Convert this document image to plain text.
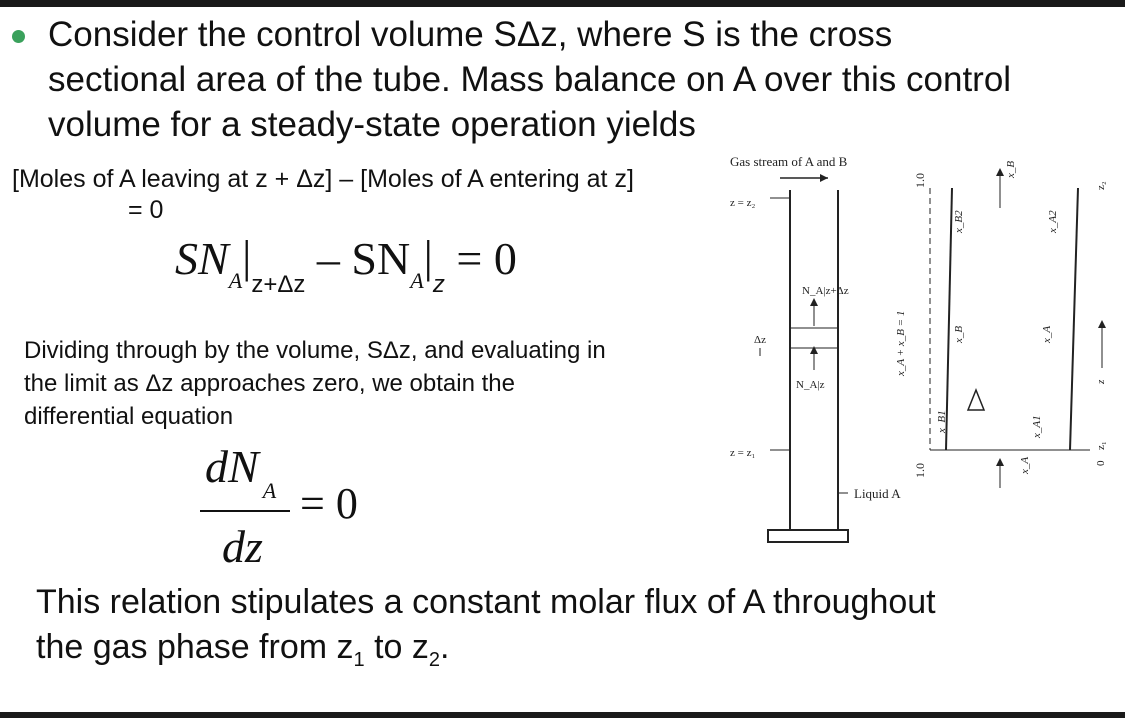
Consider the control volume SΔz, where S is the cross
sectional area of the tube. Mass balance on A over this control
volume for a steady-state operation yields

[Moles of A leaving at z + Δz] – [Moles of A entering at z]
= 0
$SN_A|_{z+\Delta z} - SN_A|_z = 0$
Dividing through by the volume, SΔz, and evaluating in
the limit as Δz approaches zero, we obtain the
differential equation
dN $_A$
dz
= 0
This relation stipulates a constant molar flux of A throughout
the gas phase from $z_1$ to $z_2$.
Gas stream of A and B
z = z₂
z = z₁
N_A|z+Δz
Δz
N_A|z
Liquid A
1.0
1.0
x_A + x_B = 1
x_B2
x_B
x_B1
x_A2
x_A
x_A1
x_B
x_A
z₂
z
z₁
0
